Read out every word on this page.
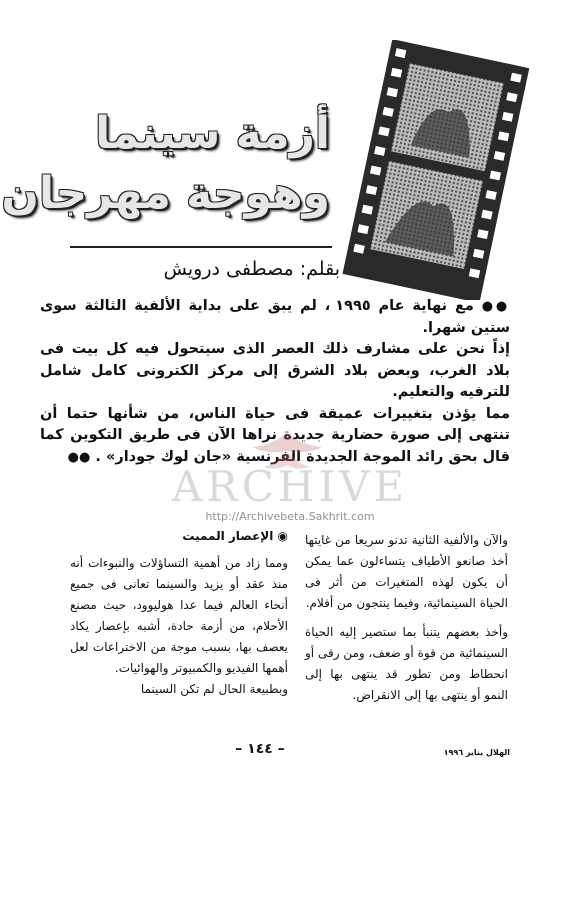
أزمة سينما
وهوجة مهرجان
بقلم: مصطفى درويش

●● مع نهاية عام ١٩٩٥ ، لم يبق على بداية الألفية الثالثة سوى ستين شهرا.

إذاً نحن على مشارف ذلك العصر الذى سيتحول فيه كل بيت فى بلاد الغرب، وبعض بلاد الشرق إلى مركز الكترونى كامل شامل للترفيه والتعليم.

مما يؤذن بتغييرات عميقة فى حياة الناس، من شأنها حتما أن تنتهى إلى صورة حضارية جديدة نراها الآن فى طريق التكوين كما قال بحق رائد الموجة الجديدة الفرنسية «جان لوك جودار» . ●●

ARCHIVE
http://Archivebeta.Sakhrit.com

والآن والألفية الثانية تدنو سريعا من غايتها أخذ صانعو الأطياف يتساءلون عما يمكن أن يكون لهذه المتغيرات من أثر فى الحياة السينمائية، وفيما ينتجون من أفلام.

وأخذ بعضهم يتنبأ بما ستصير إليه الحياة السينمائية من قوة أو ضعف، ومن رقى أو انحطاط ومن تطور قد ينتهى بها إلى النمو أو ينتهى بها إلى الانقراض.

◉ الإعصار المميت

ومما زاد من أهمية التساؤلات والنبوءات أنه منذ عقد أو يزيد والسينما تعانى فى جميع أنحاء العالم فيما عدا هوليوود، حيث مصنع الأحلام، من أزمة حادة، أشبه بإعصار يكاد يعصف بها، بسبب موجة من الاختراعات لعل أهمها الفيديو والكمبيوتر والهوائيات.

وبطبيعة الحال لم تكن السينما

– ١٤٤ –	الهلال يناير ١٩٩٦
